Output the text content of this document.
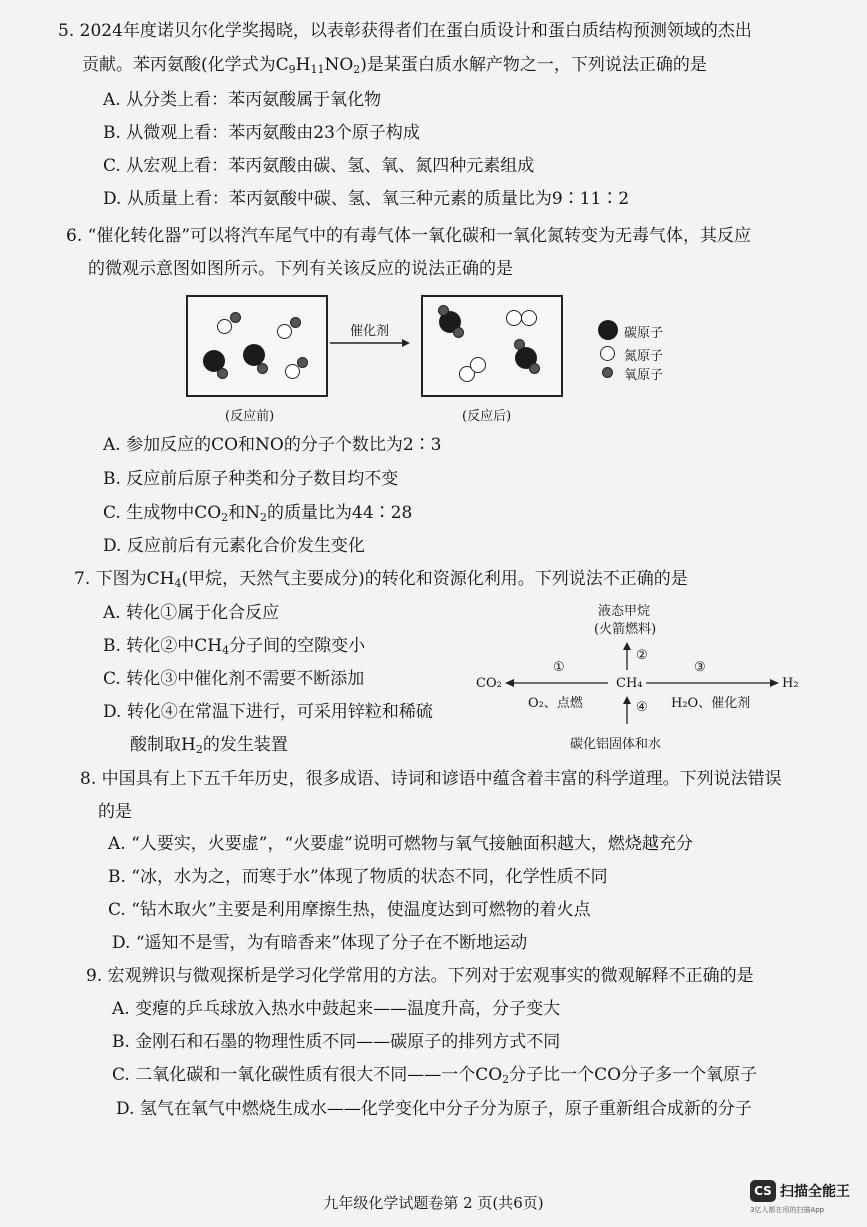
5. 2024年度诺贝尔化学奖揭晓，以表彰获得者们在蛋白质设计和蛋白质结构预测领域的杰出
贡献。苯丙氨酸(化学式为$C_9H_{11}NO_2$)是某蛋白质水解产物之一，下列说法正确的是
A. 从分类上看：苯丙氨酸属于氧化物
B. 从微观上看：苯丙氨酸由23个原子构成
C. 从宏观上看：苯丙氨酸由碳、氢、氧、氮四种元素组成
D. 从质量上看：苯丙氨酸中碳、氢、氧三种元素的质量比为9∶11∶2
6. “催化转化器”可以将汽车尾气中的有毒气体一氧化碳和一氧化氮转变为无毒气体，其反应
的微观示意图如图所示。下列有关该反应的说法正确的是
催化剂
(反应前)	(反应后)
碳原子
氮原子
氧原子
A. 参加反应的CO和NO的分子个数比为2∶3
B. 反应前后原子种类和分子数目均不变
C. 生成物中$CO_2$和$N_2$的质量比为44∶28
D. 反应前后有元素化合价发生变化
7. 下图为$CH_4$(甲烷，天然气主要成分)的转化和资源化利用。下列说法不正确的是
A. 转化①属于化合反应
B. 转化②中$CH_4$分子间的空隙变小
C. 转化③中催化剂不需要不断添加
D. 转化④在常温下进行，可采用锌粒和稀硫
酸制取$H_2$的发生装置
液态甲烷
(火箭燃料)
CH₄
CO₂	H₂
①
②
③
④
O₂、点燃	H₂O、催化剂
碳化铝固体和水
8. 中国具有上下五千年历史，很多成语、诗词和谚语中蕴含着丰富的科学道理。下列说法错误
的是
A. “人要实，火要虚”，“火要虚”说明可燃物与氧气接触面积越大，燃烧越充分
B. “冰，水为之，而寒于水”体现了物质的状态不同，化学性质不同
C. “钻木取火”主要是利用摩擦生热，使温度达到可燃物的着火点
D. “遥知不是雪，为有暗香来”体现了分子在不断地运动
9. 宏观辨识与微观探析是学习化学常用的方法。下列对于宏观事实的微观解释不正确的是
A. 变瘪的乒乓球放入热水中鼓起来——温度升高，分子变大
B. 金刚石和石墨的物理性质不同——碳原子的排列方式不同
C. 二氧化碳和一氧化碳性质有很大不同——一个$CO_2$分子比一个CO分子多一个氧原子
D. 氢气在氧气中燃烧生成水——化学变化中分子分为原子，原子重新组合成新的分子
九年级化学试题卷第 2 页(共6页)
CS 扫描全能王
3亿人都在用的扫描App
